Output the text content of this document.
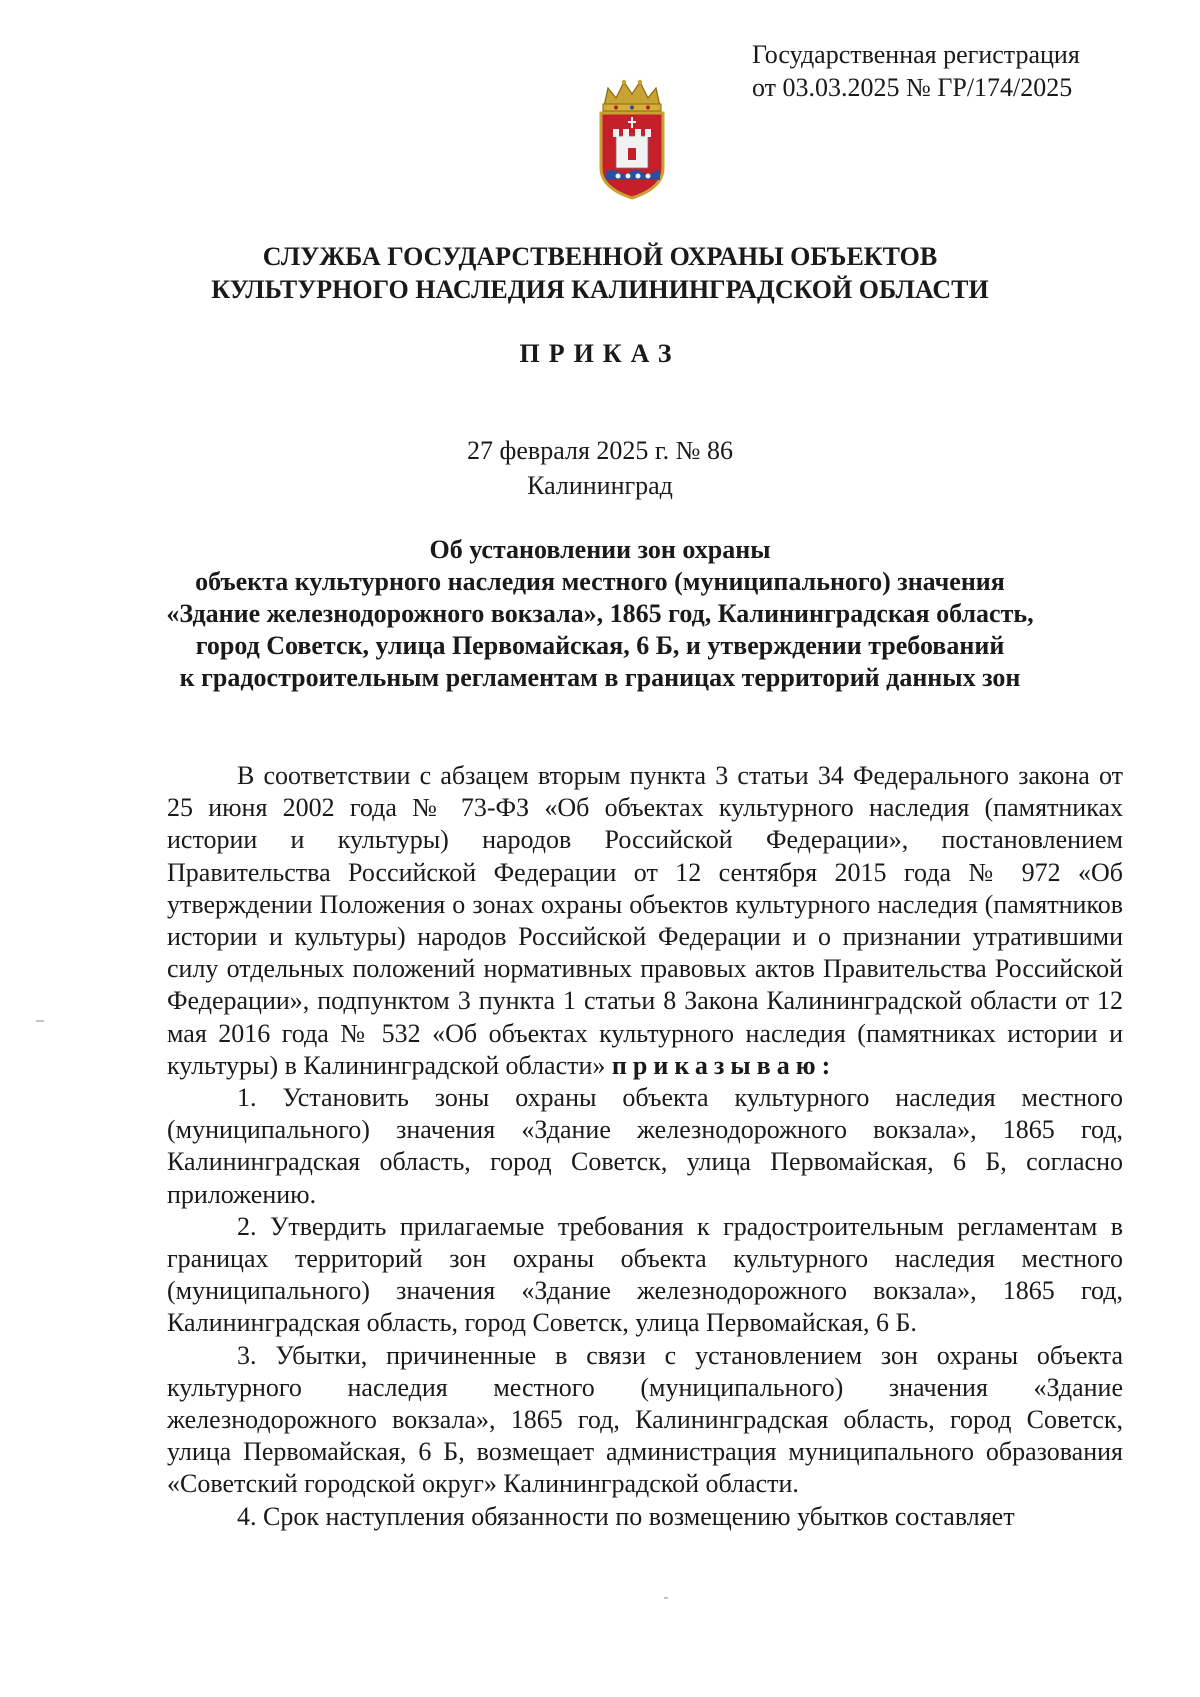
Государственная регистрация
от 03.03.2025 № ГР/174/2025
СЛУЖБА ГОСУДАРСТВЕННОЙ ОХРАНЫ ОБЪЕКТОВ
КУЛЬТУРНОГО НАСЛЕДИЯ КАЛИНИНГРАДСКОЙ ОБЛАСТИ
ПРИКАЗ
27 февраля 2025 г. № 86
Калининград
Об установлении зон охраны
объекта культурного наследия местного (муниципального) значения
«Здание железнодорожного вокзала», 1865 год, Калининградская область,
город Советск, улица Первомайская, 6 Б, и утверждении требований
к градостроительным регламентам в границах территорий данных зон

В соответствии с абзацем вторым пункта 3 статьи 34 Федерального закона от 25 июня 2002 года № 73-ФЗ «Об объектах культурного наследия (памятниках истории и культуры) народов Российской Федерации», постановлением Правительства Российской Федерации от 12 сентября 2015 года № 972 «Об утверждении Положения о зонах охраны объектов культурного наследия (памятников истории и культуры) народов Российской Федерации и о признании утратившими силу отдельных положений нормативных правовых актов Правительства Российской Федерации», подпунктом 3 пункта 1 статьи 8 Закона Калининградской области от 12 мая 2016 года № 532 «Об объектах культурного наследия (памятниках истории и культуры) в Калининградской области» приказываю:

1. Установить зоны охраны объекта культурного наследия местного (муниципального) значения «Здание железнодорожного вокзала», 1865 год, Калининградская область, город Советск, улица Первомайская, 6 Б, согласно приложению.

2. Утвердить прилагаемые требования к градостроительным регламентам в границах территорий зон охраны объекта культурного наследия местного (муниципального) значения «Здание железнодорожного вокзала», 1865 год, Калининградская область, город Советск, улица Первомайская, 6 Б.

3. Убытки, причиненные в связи с установлением зон охраны объекта культурного наследия местного (муниципального) значения «Здание железнодорожного вокзала», 1865 год, Калининградская область, город Советск, улица Первомайская, 6 Б, возмещает администрация муниципального образования «Советский городской округ» Калининградской области.

4. Срок наступления обязанности по возмещению убытков составляет
